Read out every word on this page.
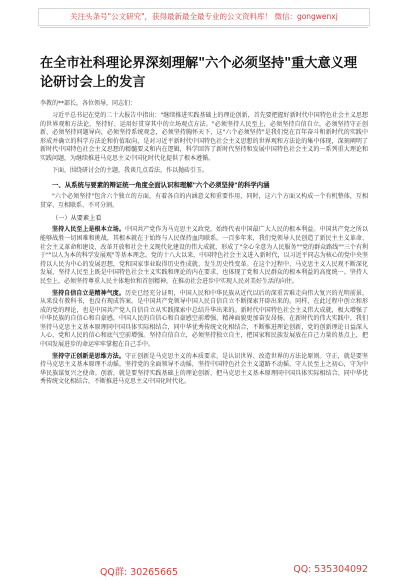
关注头条号"公文研究"，获得最新最全最专业的公文资料库！ 微信：gongwenxj
在全市社科理论界深刻理解"六个必须坚持"重大意义理论研讨会上的发言
李教的**部长，各位领导，同志们：

习近平总书记在党的二十大报告中指出："继续推进实践基础上的理论创新，首先要把握好新时代中国特色社会主义思想的世界观和方法论，坚持好、运用好贯穿其中的立场观点方法。"必须坚持人民至上，必须坚持自信自立，必须坚持守正创新，必须坚持问题导向，必须坚持系统观念，必须坚持胸怀天下，这"六个必须坚持"是我们党在百年奋斗和新时代的实践中形成并确立的科学方法论和价值取向，是对习近平新时代中国特色社会主义思想的世界观和方法论的集中体现，深刻阐明了新时代中国特色社会主义思想的精髓要义和内在逻辑，科学回答了新时代坚持和发展中国特色社会主义的一系列重大理论和实践问题，为继续推进马克思主义中国化时代化提供了根本遵循。

下面，围绕研讨会的主题，我谈几点看法，作以抛砖引玉。

一、从系统与要素的辩证统一角度全面认识和理解"六个必须坚持"的科学内涵

"六个必须坚持"包含六个独立的方面，有着各自的内涵意义和重要作用，同时，这六个方面又构成一个有机整体，互相贯穿、互相联系、不可分割。

（一）从要素上看

坚持人民至上是根本立场。中国共产党作为马克思主义政党，始终代表中国最广大人民的根本利益。中国共产党之所以能够战胜一切困难和挑战，其根本就在于始终与人民保持血肉联系。一百多年来，我们党领导人民创造了新民主主义革命、社会主义革命和建设、改革开放和社会主义现代化建设的伟大成就，形成了"全心全意为人民服务""党的群众路线""三个有利于""以人为本的科学发展观"等基本理念。党的十八大以来，中国特色社会主义进入新时代，以习近平同志为核心的党中央坚持以人民为中心的发展思想，党和国家事业取得历史性成就、发生历史性变革。在这个过程中，马克思主义人民观不断深化发展，坚持人民至上既是中国特色社会主义实践和理论的内在要求，也体现了党和人民群众的根本利益的高度统一。坚持人民至上，必须坚持尊重人民主体地位和首创精神，在推动社会进步中实现人民对美好生活的向往。

坚持自信自立是精神气度。历史已经充分证明，中国人民和中华民族从近代以后的深重苦难走向伟大复兴的光明前景，从来没有教科书，也没有现成答案。是中国共产党领导中国人民自信自立不断探索开辟出来的。同样，在此过程中创立和形成的党的理论，也是中国共产党人自信自立从实践探索中总结升华出来的。新时代中国特色社会主义伟大成就，极大增强了中华民族的自信心和自豪感，中国人民的自信心和自豪感空前增强，精神面貌更加奋发昂扬。在新时代的伟大实践中，我们坚持马克思主义基本原理同中国具体实际相结合，同中华优秀传统文化相结合，不断推进理论创新，党的创新理论日益深入人心，党和人民的信心和底气空前增强。坚持自信自立，必须坚持独立自主，把国家和民族发展放在自己力量的基点上，把中国发展进步的命运牢牢掌握在自己手中。

坚持守正创新是思维方法。守正创新是马克思主义的本质要求，是认识世界、改造世界的方法论原则。守正，就是要坚持马克思主义基本原理不动摇，坚持党的全面领导不动摇，坚持中国特色社会主义道路不动摇，守人民至上之初心，守为中华民族谋复兴之使命。创新，就是要坚持实践基础上的理论创新，把马克思主义基本原理同中国具体实际相结合、同中华优秀传统文化相结合，不断推进马克思主义中国化时代化。

QQ群: 30265665	QQ: 535304092
